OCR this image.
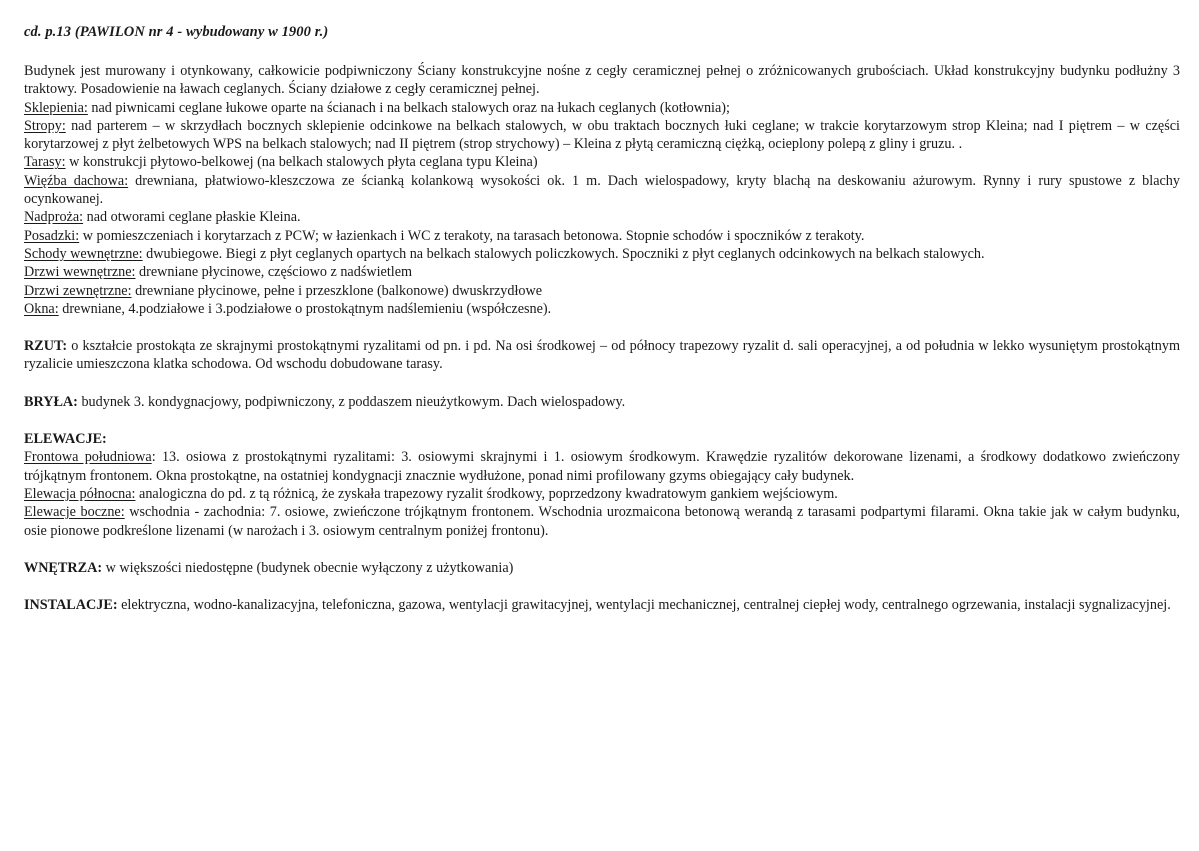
cd. p.13 (PAWILON nr 4 - wybudowany w 1900 r.)

Budynek jest murowany i otynkowany, całkowicie podpiwniczony Ściany konstrukcyjne nośne z cegły ceramicznej pełnej o zróżnicowanych grubościach. Układ konstrukcyjny budynku podłużny 3 traktowy. Posadowienie na ławach ceglanych. Ściany działowe z cegły ceramicznej pełnej.

Sklepienia: nad piwnicami ceglane łukowe oparte na ścianach i na belkach stalowych oraz na łukach ceglanych (kotłownia);

Stropy: nad parterem – w skrzydłach bocznych sklepienie odcinkowe na belkach stalowych, w obu traktach bocznych łuki ceglane; w trakcie korytarzowym strop Kleina; nad I piętrem – w części korytarzowej z płyt żelbetowych WPS na belkach stalowych; nad II piętrem (strop strychowy) – Kleina z płytą ceramiczną ciężką, ocieplony polepą z gliny i gruzu. .

Tarasy: w konstrukcji płytowo-belkowej (na belkach stalowych płyta ceglana typu Kleina)

Więźba dachowa: drewniana, płatwiowo-kleszczowa ze ścianką kolankową wysokości ok. 1 m. Dach wielospadowy, kryty blachą na deskowaniu ażurowym. Rynny i rury spustowe z blachy ocynkowanej.

Nadproża: nad otworami ceglane płaskie Kleina.

Posadzki: w pomieszczeniach i korytarzach z PCW; w łazienkach i WC z terakoty, na tarasach betonowa. Stopnie schodów i spoczników z terakoty.

Schody wewnętrzne: dwubiegowe. Biegi z płyt ceglanych opartych na belkach stalowych policzkowych. Spoczniki z płyt ceglanych odcinkowych na belkach stalowych.

Drzwi wewnętrzne: drewniane płycinowe, częściowo z nadświetlem

Drzwi zewnętrzne: drewniane płycinowe, pełne i przeszklone (balkonowe) dwuskrzydłowe

Okna: drewniane, 4.podziałowe i 3.podziałowe o prostokątnym nadślemieniu (współczesne).

RZUT: o kształcie prostokąta ze skrajnymi prostokątnymi ryzalitami od pn. i pd. Na osi środkowej – od północy trapezowy ryzalit d. sali operacyjnej, a od południa w lekko wysuniętym prostokątnym ryzalicie umieszczona klatka schodowa. Od wschodu dobudowane tarasy.

BRYŁA: budynek 3. kondygnacjowy, podpiwniczony, z poddaszem nieużytkowym. Dach wielospadowy.

ELEWACJE:

Frontowa południowa: 13. osiowa z prostokątnymi ryzalitami: 3. osiowymi skrajnymi i 1. osiowym środkowym. Krawędzie ryzalitów dekorowane lizenami, a środkowy dodatkowo zwieńczony trójkątnym frontonem. Okna prostokątne, na ostatniej kondygnacji znacznie wydłużone, ponad nimi profilowany gzyms obiegający cały budynek.

Elewacja północna: analogiczna do pd. z tą różnicą, że zyskała trapezowy ryzalit środkowy, poprzedzony kwadratowym gankiem wejściowym.

Elewacje boczne: wschodnia - zachodnia: 7. osiowe, zwieńczone trójkątnym frontonem. Wschodnia urozmaicona betonową werandą z tarasami podpartymi filarami. Okna takie jak w całym budynku, osie pionowe podkreślone lizenami (w narożach i 3. osiowym centralnym poniżej frontonu).

WNĘTRZA: w większości niedostępne (budynek obecnie wyłączony z użytkowania)

INSTALACJE: elektryczna, wodno-kanalizacyjna, telefoniczna, gazowa, wentylacji grawitacyjnej, wentylacji mechanicznej, centralnej ciepłej wody, centralnego ogrzewania, instalacji sygnalizacyjnej.
